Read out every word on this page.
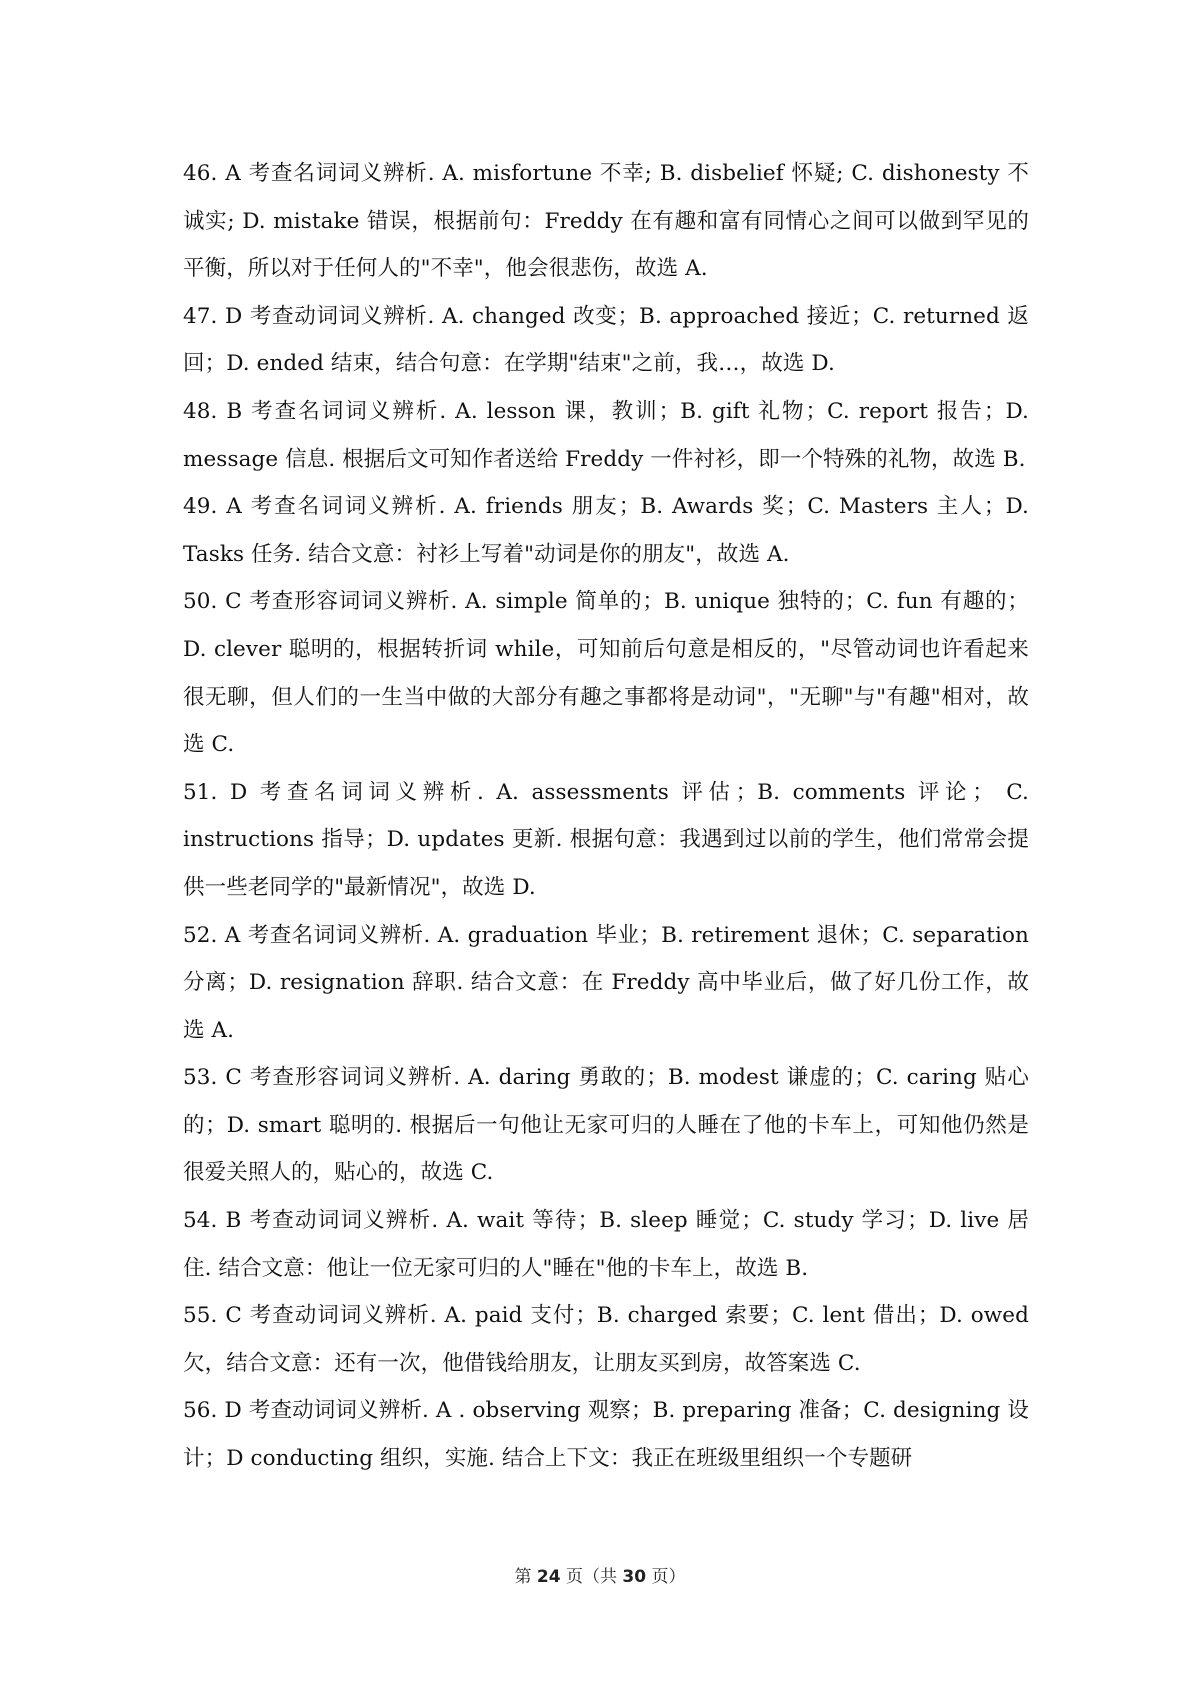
46. A 考查名词词义辨析. A. misfortune 不幸; B. disbelief 怀疑; C. dishonesty 不诚实; D. mistake 错误，根据前句：Freddy 在有趣和富有同情心之间可以做到罕见的平衡，所以对于任何人的"不幸"，他会很悲伤，故选 A.

47. D 考查动词词义辨析. A. changed 改变；B. approached 接近；C. returned 返回；D. ended 结束，结合句意：在学期"结束"之前，我…，故选 D.

48. B 考查名词词义辨析. A. lesson 课，教训；B. gift 礼物；C. report 报告；D. message 信息. 根据后文可知作者送给 Freddy 一件衬衫，即一个特殊的礼物，故选 B.

49. A 考查名词词义辨析. A. friends 朋友；B. Awards 奖；C. Masters 主人；D. Tasks 任务. 结合文意：衬衫上写着"动词是你的朋友"，故选 A.

50. C 考查形容词词义辨析. A. simple 简单的；B. unique 独特的；C. fun 有趣的；D. clever 聪明的，根据转折词 while，可知前后句意是相反的，"尽管动词也许看起来很无聊，但人们的一生当中做的大部分有趣之事都将是动词"，"无聊"与"有趣"相对，故选 C.

51. D 考查名词词义辨析. A. assessments 评估；B. comments 评论； C. instructions 指导；D. updates 更新. 根据句意：我遇到过以前的学生，他们常常会提供一些老同学的"最新情况"，故选 D.

52. A 考查名词词义辨析. A. graduation 毕业；B. retirement 退休；C. separation 分离；D. resignation 辞职. 结合文意：在 Freddy 高中毕业后，做了好几份工作，故选 A.

53. C 考查形容词词义辨析. A. daring 勇敢的；B. modest 谦虚的；C. caring 贴心的；D. smart 聪明的. 根据后一句他让无家可归的人睡在了他的卡车上，可知他仍然是很爱关照人的，贴心的，故选 C.

54. B 考查动词词义辨析. A. wait 等待；B. sleep 睡觉；C. study 学习；D. live 居住. 结合文意：他让一位无家可归的人"睡在"他的卡车上，故选 B.

55. C 考查动词词义辨析. A. paid 支付；B. charged 索要；C. lent 借出；D. owed 欠，结合文意：还有一次，他借钱给朋友，让朋友买到房，故答案选 C.

56. D 考查动词词义辨析. A . observing 观察；B. preparing 准备；C. designing 设计；D conducting 组织，实施. 结合上下文：我正在班级里组织一个专题研

第 24 页（共 30 页）
